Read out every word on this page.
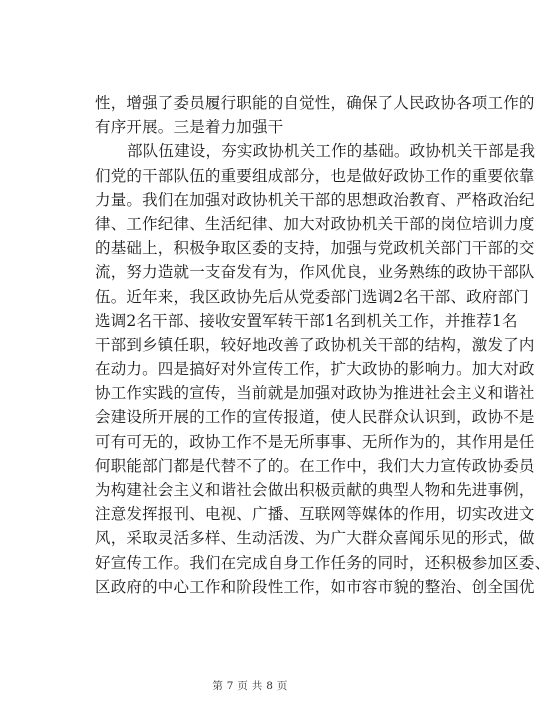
性，增强了委员履行职能的自觉性，确保了人民政协各项工作的
有序开展。三是着力加强干
部队伍建设，夯实政协机关工作的基础。政协机关干部是我
们党的干部队伍的重要组成部分，也是做好政协工作的重要依靠
力量。我们在加强对政协机关干部的思想政治教育、严格政治纪
律、工作纪律、生活纪律、加大对政协机关干部的岗位培训力度
的基础上，积极争取区委的支持，加强与党政机关部门干部的交
流，努力造就一支奋发有为，作风优良，业务熟练的政协干部队
伍。近年来，我区政协先后从党委部门选调2名干部、政府部门
选调2名干部、接收安置军转干部1名到机关工作，并推荐1名
干部到乡镇任职，较好地改善了政协机关干部的结构，激发了内
在动力。四是搞好对外宣传工作，扩大政协的影响力。加大对政
协工作实践的宣传，当前就是加强对政协为推进社会主义和谐社
会建设所开展的工作的宣传报道，使人民群众认识到，政协不是
可有可无的，政协工作不是无所事事、无所作为的，其作用是任
何职能部门都是代替不了的。在工作中，我们大力宣传政协委员
为构建社会主义和谐社会做出积极贡献的典型人物和先进事例，
注意发挥报刊、电视、广播、互联网等媒体的作用，切实改进文
风，采取灵活多样、生动活泼、为广大群众喜闻乐见的形式，做
好宣传工作。我们在完成自身工作任务的同时，还积极参加区委、
区政府的中心工作和阶段性工作，如市容市貌的整治、创全国优
第 7 页 共 8 页
